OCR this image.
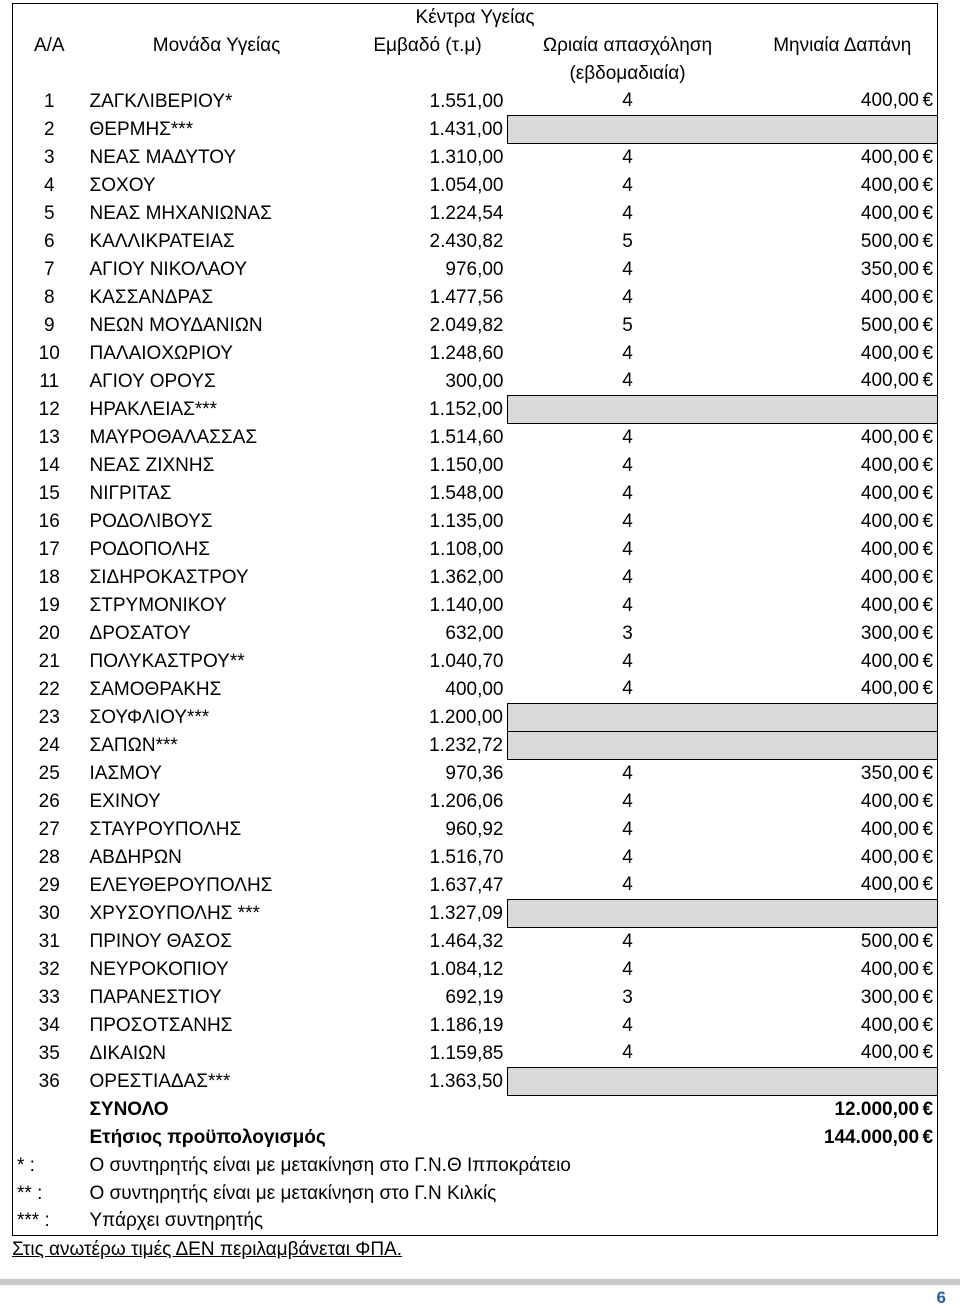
Κέντρα Υγείας				
Α/Α	Μονάδα Υγείας	Εμβαδό (τ.μ)	Ωριαία απασχόληση	Μηνιαία Δαπάνη
			(εβδομαδιαία)	
1	ΖΑΓΚΛΙΒΕΡΙΟΥ*	1.551,00	4	400,00 €
2	ΘΕΡΜΗΣ***	1.431,00		
3	ΝΕΑΣ ΜΑΔΥΤΟΥ	1.310,00	4	400,00 €
4	ΣΟΧΟΥ	1.054,00	4	400,00 €
5	ΝΕΑΣ ΜΗΧΑΝΙΩΝΑΣ	1.224,54	4	400,00 €
6	ΚΑΛΛΙΚΡΑΤΕΙΑΣ	2.430,82	5	500,00 €
7	ΑΓΙΟΥ ΝΙΚΟΛΑΟΥ	976,00	4	350,00 €
8	ΚΑΣΣΑΝΔΡΑΣ	1.477,56	4	400,00 €
9	ΝΕΩΝ ΜΟΥΔΑΝΙΩΝ	2.049,82	5	500,00 €
10	ΠΑΛΑΙΟΧΩΡΙΟΥ	1.248,60	4	400,00 €
11	ΑΓΙΟΥ ΟΡΟΥΣ	300,00	4	400,00 €
12	ΗΡΑΚΛΕΙΑΣ***	1.152,00		
13	ΜΑΥΡΟΘΑΛΑΣΣΑΣ	1.514,60	4	400,00 €
14	ΝΕΑΣ ΖΙΧΝΗΣ	1.150,00	4	400,00 €
15	ΝΙΓΡΙΤΑΣ	1.548,00	4	400,00 €
16	ΡΟΔΟΛΙΒΟΥΣ	1.135,00	4	400,00 €
17	ΡΟΔΟΠΟΛΗΣ	1.108,00	4	400,00 €
18	ΣΙΔΗΡΟΚΑΣΤΡΟΥ	1.362,00	4	400,00 €
19	ΣΤΡΥΜΟΝΙΚΟΥ	1.140,00	4	400,00 €
20	ΔΡΟΣΑΤΟΥ	632,00	3	300,00 €
21	ΠΟΛΥΚΑΣΤΡΟΥ**	1.040,70	4	400,00 €
22	ΣΑΜΟΘΡΑΚΗΣ	400,00	4	400,00 €
23	ΣΟΥΦΛΙΟΥ***	1.200,00		
24	ΣΑΠΩΝ***	1.232,72		
25	ΙΑΣΜΟΥ	970,36	4	350,00 €
26	ΕΧΙΝΟΥ	1.206,06	4	400,00 €
27	ΣΤΑΥΡΟΥΠΟΛΗΣ	960,92	4	400,00 €
28	ΑΒΔΗΡΩΝ	1.516,70	4	400,00 €
29	ΕΛΕΥΘΕΡΟΥΠΟΛΗΣ	1.637,47	4	400,00 €
30	ΧΡΥΣΟΥΠΟΛΗΣ ***	1.327,09		
31	ΠΡΙΝΟΥ ΘΑΣΟΣ	1.464,32	4	500,00 €
32	ΝΕΥΡΟΚΟΠΙΟΥ	1.084,12	4	400,00 €
33	ΠΑΡΑΝΕΣΤΙΟΥ	692,19	3	300,00 €
34	ΠΡΟΣΟΤΣΑΝΗΣ	1.186,19	4	400,00 €
35	ΔΙΚΑΙΩΝ	1.159,85	4	400,00 €
36	ΟΡΕΣΤΙΑΔΑΣ***	1.363,50		
	ΣΥΝΟΛΟ		12.000,00 €	
	Ετήσιος προϋπολογισμός		144.000,00 €	
* :	Ο συντηρητής είναι με μετακίνηση στο Γ.Ν.Θ Ιπποκράτειο			
** :	Ο συντηρητής είναι με μετακίνηση στο Γ.Ν Κιλκίς			
*** :	Υπάρχει συντηρητής			
Στις ανωτέρω τιμές ΔΕΝ περιλαμβάνεται ΦΠΑ.
6
